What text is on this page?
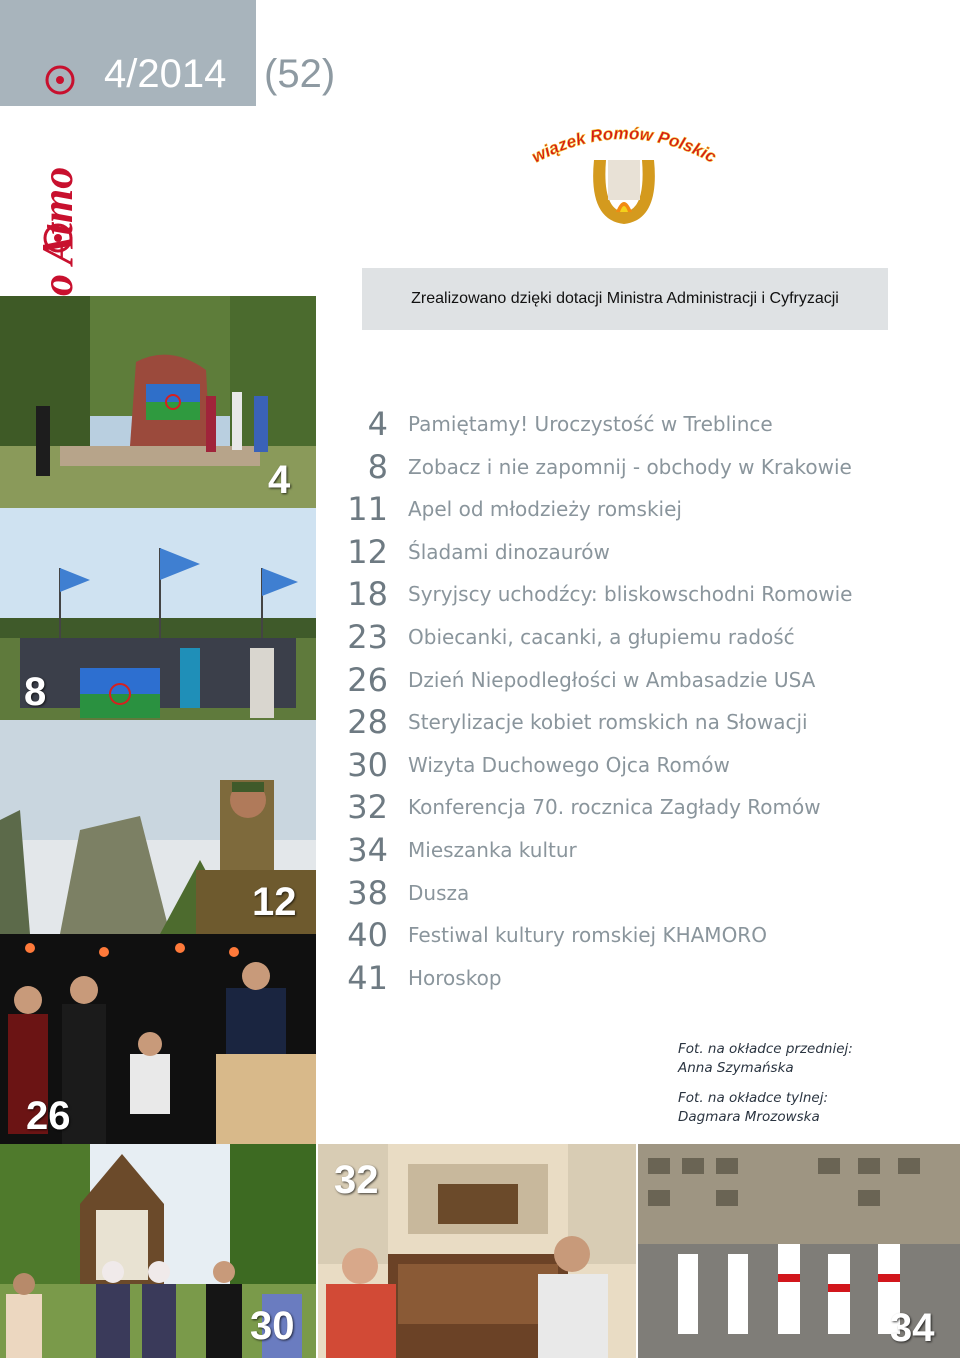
4/2014 (52)
wiązek Romów Polskic
Zrealizowano dzięki dotacji Ministra Administracji i Cyfryzacji
4 Pamiętamy! Uroczystość w Treblince
8 Zobacz i nie zapomnij - obchody w Krakowie
11 Apel od młodzieży romskiej
12 Śladami dinozaurów
18 Syryjscy uchodźcy: bliskowschodni Romowie
23 Obiecanki, cacanki, a głupiemu radość
26 Dzień Niepodległości w Ambasadzie USA
28 Sterylizacje kobiet romskich na Słowacji
30 Wizyta Duchowego Ojca Romów
32 Konferencja 70. rocznica Zagłady Romów
34 Mieszanka kultur
38 Dusza
40 Festiwal kultury romskiej KHAMORO
41 Horoskop
4
8
12
26
30
32
34
Fot. na okładce przedniej:
Anna Szymańska
Fot. na okładce tylnej:
Dagmara Mrozowska
